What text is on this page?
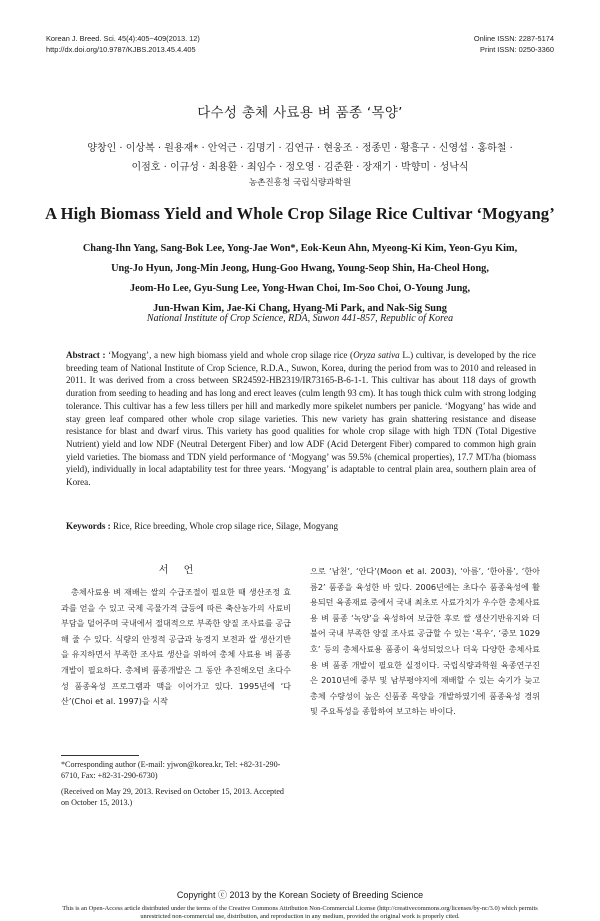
Korean J. Breed. Sci. 45(4):405~409(2013. 12)
http://dx.doi.org/10.9787/KJBS.2013.45.4.405
Online ISSN: 2287-5174
Print ISSN: 0250-3360
다수성 총체 사료용 벼 품종 ‘목양’
양창인 · 이상복 · 원용재* · 안억근 · 김명기 · 김연규 · 현웅조 · 정종민 · 황흥구 · 신영섭 · 홍하철 ·
이점호 · 이규성 · 최용환 · 최임수 · 정오영 · 김준환 · 장재기 · 박향미 · 성낙식
농촌진흥청 국립식량과학원
A High Biomass Yield and Whole Crop Silage Rice Cultivar ‘Mogyang’
Chang-Ihn Yang, Sang-Bok Lee, Yong-Jae Won*, Eok-Keun Ahn, Myeong-Ki Kim, Yeon-Gyu Kim,
Ung-Jo Hyun, Jong-Min Jeong, Hung-Goo Hwang, Young-Seop Shin, Ha-Cheol Hong,
Jeom-Ho Lee, Gyu-Sung Lee, Yong-Hwan Choi, Im-Soo Choi, O-Young Jung,
Jun-Hwan Kim, Jae-Ki Chang, Hyang-Mi Park, and Nak-Sig Sung
National Institute of Crop Science, RDA, Suwon 441-857, Republic of Korea
Abstract : ‘Mogyang’, a new high biomass yield and whole crop silage rice (Oryza sativa L.) cultivar, is developed by the rice breeding team of National Institute of Crop Science, R.D.A., Suwon, Korea, during the period from was to 2010 and released in 2011. It was derived from a cross between SR24592-HB2319/IR73165-B-6-1-1. This cultivar has about 118 days of growth duration from seeding to heading and has long and erect leaves (culm length 93 cm). It has tough thick culm with strong lodging tolerance. This cultivar has a few less tillers per hill and markedly more spikelet numbers per panicle. ‘Mogyang’ has wide and stay green leaf compared other whole crop silage varieties. This new variety has grain shattering resistance and disease resistance for blast and dwarf virus. This variety has good qualities for whole crop silage with high TDN (Total Digestive Nutrient) yield and low NDF (Neutral Detergent Fiber) and low ADF (Acid Detergent Fiber) compared to common high grain yield varieties. The biomass and TDN yield performance of ‘Mogyang’ was 59.5% (chemical properties), 17.7 MT/ha (biomass yield), individually in local adaptability test for three years. ‘Mogyang’ is adaptable to central plain area, southern plain area of Korea.
Keywords : Rice, Rice breeding, Whole crop silage rice, Silage, Mogyang
서 언
총체사료용 벼 재배는 쌀의 수급조절이 필요한 때 생산조정 효과를 얻을 수 있고 국제 곡물가격 급등에 따른 축산농가의 사료비 부담을 덜어주며 국내에서 절대적으로 부족한 양질 조사료를 공급해 줄 수 있다. 식량의 안정적 공급과 농경지 보전과 쌀 생산기반을 유지하면서 부족한 조사료 생산을 위하여 총체 사료용 벼 품종개발이 필요하다. 총체벼 품종개발은 그 동안 추진해오던 초다수성 품종육성 프로그램과 맥을 이어가고 있다. 1995년에 ‘다산’(Choi et al. 1997)을 시작
으로 ‘남천’, ‘안다’(Moon et al. 2003), ‘아름’, ‘한아름’, ‘한아름2’ 품종을 육성한 바 있다. 2006년에는 초다수 품종육성에 활용되던 육종재료 중에서 국내 최초로 사료가치가 우수한 총체사료용 벼 품종 ‘녹양’을 육성하여 보급한 후로 쌀 생산기반유지와 더불어 국내 부족한 양질 조사료 공급할 수 있는 ‘목우’, ‘중모 1029호’ 등의 총체사료용 품종이 육성되었으나 더욱 다양한 총체사료용 벼 품종 개발이 필요한 실정이다. 국립식량과학원 육종연구진은 2010년에 중부 및 남부평야지에 재배할 수 있는 숙기가 늦고 총체 수량성이 높은 신품종 목양을 개발하였기에 품종육성 경위 및 주요특성을 종합하여 보고하는 바이다.
*Corresponding author (E-mail: yjwon@korea.kr, Tel: +82-31-290-6710, Fax: +82-31-290-6730)
(Received on May 29, 2013. Revised on October 15, 2013. Accepted on October 15, 2013.)
Copyright ⓒ 2013 by the Korean Society of Breeding Science
This is an Open-Access article distributed under the terms of the Creative Commons Attribution Non-Commercial License (http://creativecommons.org/licenses/by-nc/3.0) which permits unrestricted non-commercial use, distribution, and reproduction in any medium, provided the original work is properly cited.
